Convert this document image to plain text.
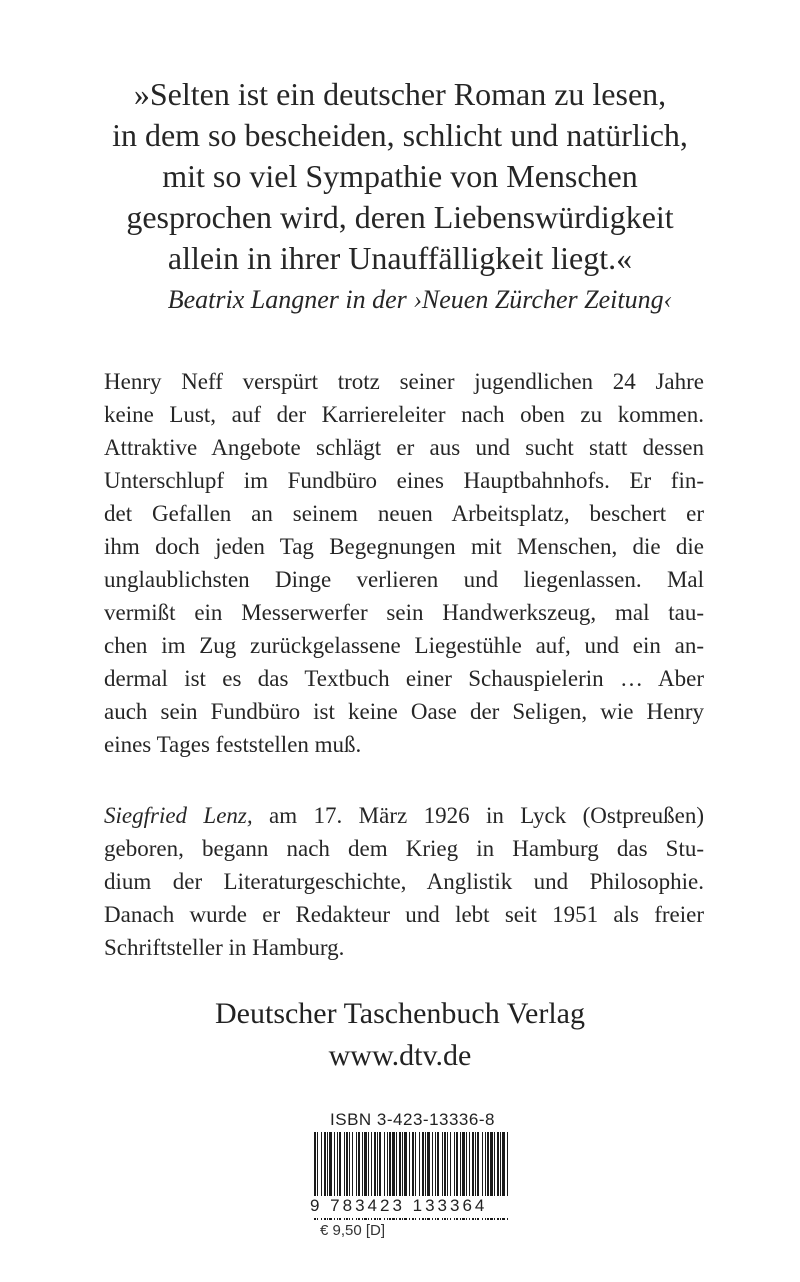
»Selten ist ein deutscher Roman zu lesen,
in dem so bescheiden, schlicht und natürlich,
mit so viel Sympathie von Menschen
gesprochen wird, deren Liebenswürdigkeit
allein in ihrer Unauffälligkeit liegt.«
Beatrix Langner in der ›Neuen Zürcher Zeitung‹
Henry Neff verspürt trotz seiner jugendlichen 24 Jahre
keine Lust, auf der Karriereleiter nach oben zu kommen.
Attraktive Angebote schlägt er aus und sucht statt dessen
Unterschlupf im Fundbüro eines Hauptbahnhofs. Er fin-
det Gefallen an seinem neuen Arbeitsplatz, beschert er
ihm doch jeden Tag Begegnungen mit Menschen, die die
unglaublichsten Dinge verlieren und liegenlassen. Mal
vermißt ein Messerwerfer sein Handwerkszeug, mal tau-
chen im Zug zurückgelassene Liegestühle auf, und ein an-
dermal ist es das Textbuch einer Schauspielerin … Aber
auch sein Fundbüro ist keine Oase der Seligen, wie Henry
eines Tages feststellen muß.
Siegfried Lenz, am 17. März 1926 in Lyck (Ostpreußen)
geboren, begann nach dem Krieg in Hamburg das Stu-
dium der Literaturgeschichte, Anglistik und Philosophie.
Danach wurde er Redakteur und lebt seit 1951 als freier
Schriftsteller in Hamburg.
Deutscher Taschenbuch Verlag
www.dtv.de
ISBN 3-423-13336-8
9 783423 133364
€ 9,50 [D]
